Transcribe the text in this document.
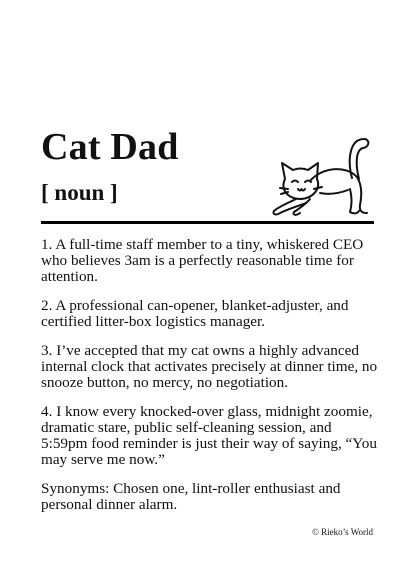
Cat Dad
[ noun ]

1. A full-time staff member to a tiny, whiskered CEO who believes 3am is a perfectly reasonable time for attention.

2. A professional can-opener, blanket-adjuster, and certified litter-box logistics manager.

3. I’ve accepted that my cat owns a highly advanced internal clock that activates precisely at dinner time, no snooze button, no mercy, no negotiation.

4. I know every knocked-over glass, midnight zoomie, dramatic stare, public self-cleaning session, and 5:59pm food reminder is just their way of saying, “You may serve me now.”

Synonyms: Chosen one, lint-roller enthusiast and personal dinner alarm.

© Rieko’s World
